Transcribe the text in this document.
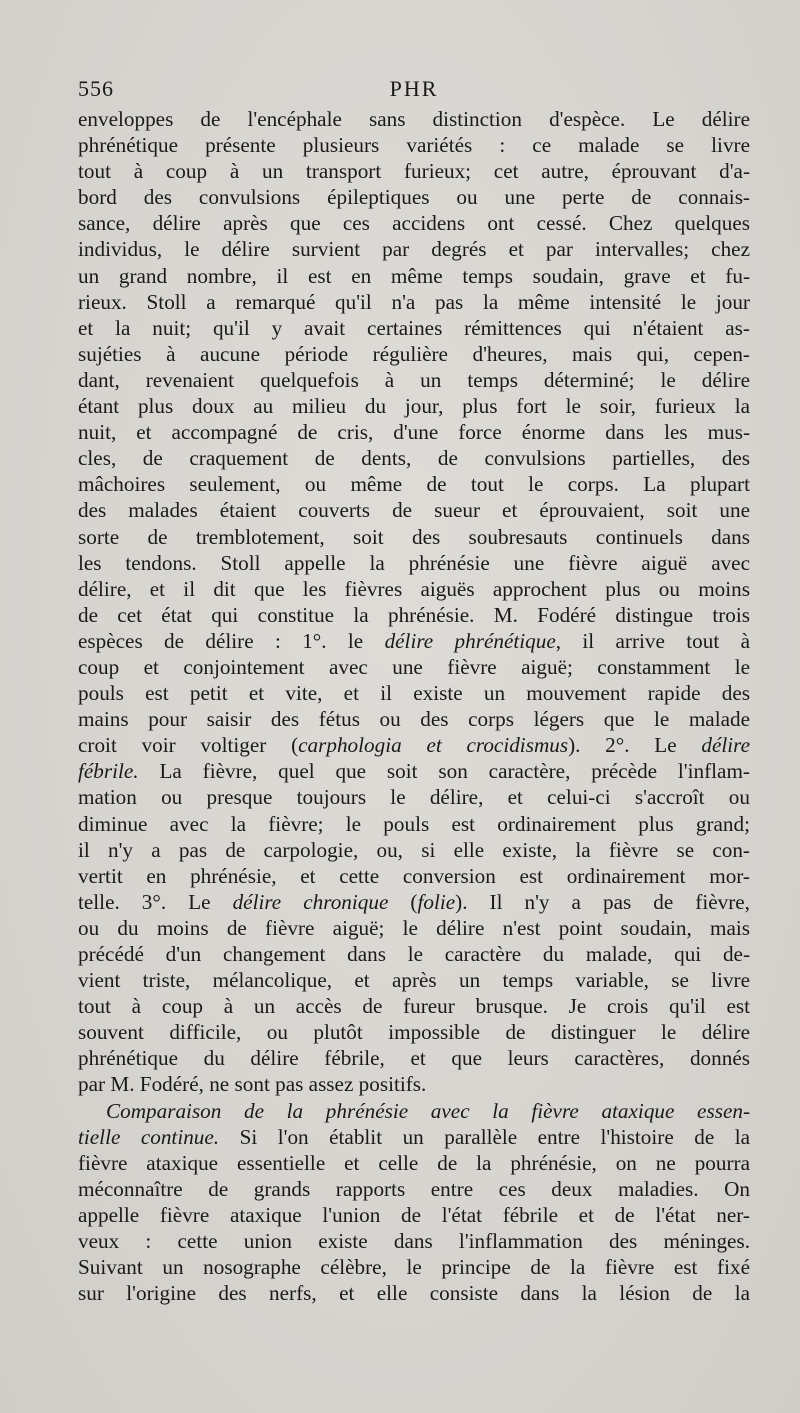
556	PHR
enveloppes de l'encéphale sans distinction d'espèce. Le délire
phrénétique présente plusieurs variétés : ce malade se livre
tout à coup à un transport furieux; cet autre, éprouvant d'a-
bord des convulsions épileptiques ou une perte de connais-
sance, délire après que ces accidens ont cessé. Chez quelques
individus, le délire survient par degrés et par intervalles; chez
un grand nombre, il est en même temps soudain, grave et fu-
rieux. Stoll a remarqué qu'il n'a pas la même intensité le jour
et la nuit; qu'il y avait certaines rémittences qui n'étaient as-
sujéties à aucune période régulière d'heures, mais qui, cepen-
dant, revenaient quelquefois à un temps déterminé; le délire
étant plus doux au milieu du jour, plus fort le soir, furieux la
nuit, et accompagné de cris, d'une force énorme dans les mus-
cles, de craquement de dents, de convulsions partielles, des
mâchoires seulement, ou même de tout le corps. La plupart
des malades étaient couverts de sueur et éprouvaient, soit une
sorte de tremblotement, soit des soubresauts continuels dans
les tendons. Stoll appelle la phrénésie une fièvre aiguë avec
délire, et il dit que les fièvres aiguës approchent plus ou moins
de cet état qui constitue la phrénésie. M. Fodéré distingue trois
espèces de délire : 1°. le délire phrénétique, il arrive tout à
coup et conjointement avec une fièvre aiguë; constamment le
pouls est petit et vite, et il existe un mouvement rapide des
mains pour saisir des fétus ou des corps légers que le malade
croit voir voltiger (carphologia et crocidismus). 2°. Le délire
fébrile. La fièvre, quel que soit son caractère, précède l'inflam-
mation ou presque toujours le délire, et celui-ci s'accroît ou
diminue avec la fièvre; le pouls est ordinairement plus grand;
il n'y a pas de carpologie, ou, si elle existe, la fièvre se con-
vertit en phrénésie, et cette conversion est ordinairement mor-
telle. 3°. Le délire chronique (folie). Il n'y a pas de fièvre,
ou du moins de fièvre aiguë; le délire n'est point soudain, mais
précédé d'un changement dans le caractère du malade, qui de-
vient triste, mélancolique, et après un temps variable, se livre
tout à coup à un accès de fureur brusque. Je crois qu'il est
souvent difficile, ou plutôt impossible de distinguer le délire
phrénétique du délire fébrile, et que leurs caractères, donnés
par M. Fodéré, ne sont pas assez positifs.
Comparaison de la phrénésie avec la fièvre ataxique essen-
tielle continue. Si l'on établit un parallèle entre l'histoire de la
fièvre ataxique essentielle et celle de la phrénésie, on ne pourra
méconnaître de grands rapports entre ces deux maladies. On
appelle fièvre ataxique l'union de l'état fébrile et de l'état ner-
veux : cette union existe dans l'inflammation des méninges.
Suivant un nosographe célèbre, le principe de la fièvre est fixé
sur l'origine des nerfs, et elle consiste dans la lésion de la
